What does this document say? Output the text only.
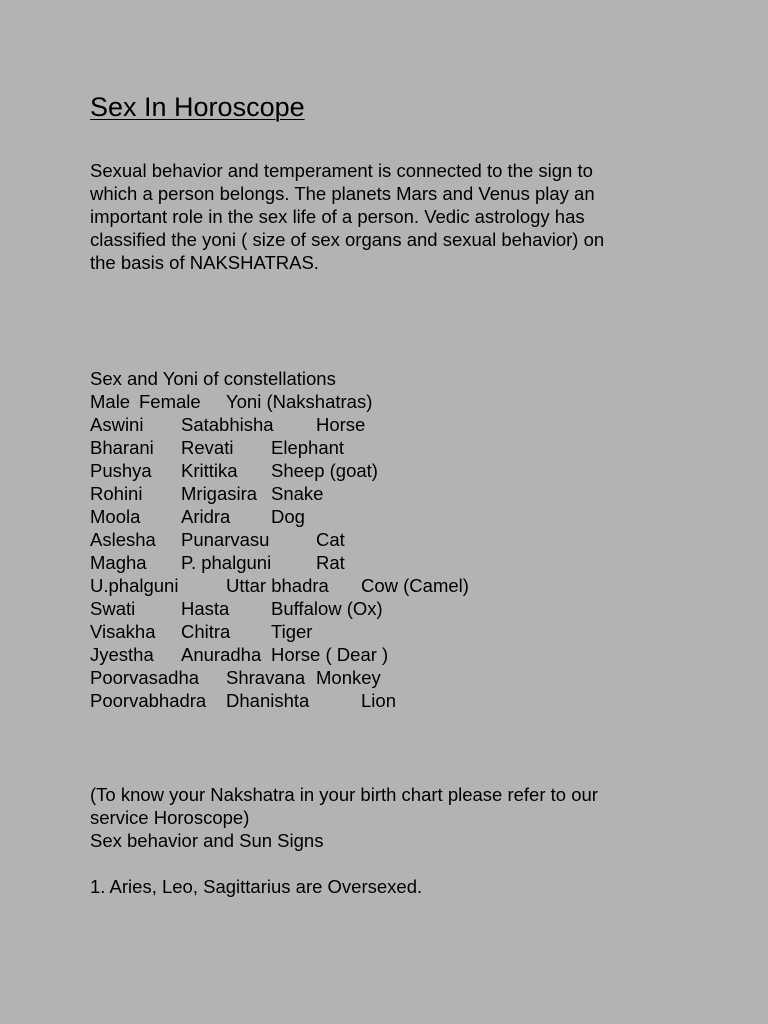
Sex In Horoscope
Sexual behavior and temperament is connected to the sign to
which a person belongs. The planets Mars and Venus play an
important role in the sex life of a person. Vedic astrology has
classified the yoni ( size of sex organs and sexual behavior) on
the basis of NAKSHATRAS.
Sex and Yoni of constellations
Male Female Yoni (Nakshatras)
Aswini Satabhisha Horse
Bharani Revati Elephant
Pushya Krittika Sheep (goat)
Rohini Mrigasira Snake
Moola Aridra Dog
Aslesha Punarvasu	Cat
Magha P. phalguni Rat
U.phalguni	Uttar bhadra Cow (Camel)
Swati Hasta Buffalow (Ox)
Visakha Chitra Tiger
Jyestha Anuradha Horse ( Dear )
Poorvasadha Shravana Monkey
Poorvabhadra Dhanishta	Lion
(To know your Nakshatra in your birth chart please refer to our
service Horoscope)
Sex behavior and Sun Signs
1. Aries, Leo, Sagittarius are Oversexed.
